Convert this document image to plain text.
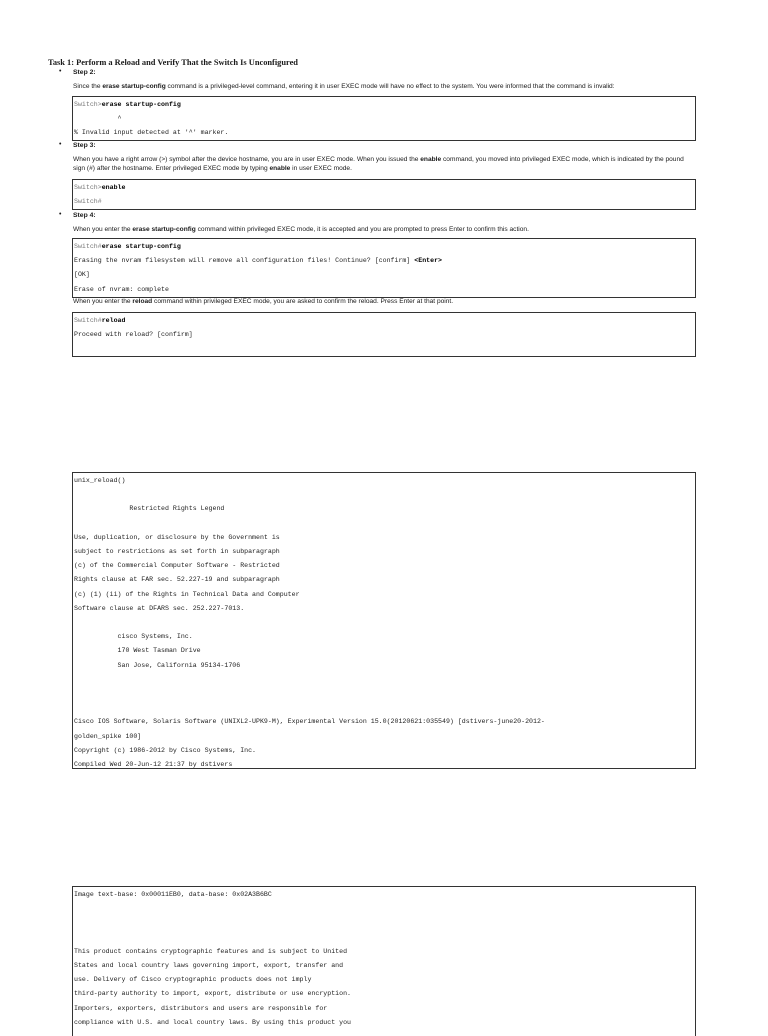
Task 1: Perform a Reload and Verify That the Switch Is Unconfigured
• Step 2:
Since the erase startup-config command is a privileged-level command, entering it in user EXEC mode will have no effect to the system. You were informed that the command is invalid:
Switch>erase startup-config
^
% Invalid input detected at '^' marker.
• Step 3:
When you have a right arrow (>) symbol after the device hostname, you are in user EXEC mode. When you issued the enable command, you moved into privileged EXEC mode, which is indicated by the pound sign (#) after the hostname. Enter privileged EXEC mode by typing enable in user EXEC mode.
Switch>enable
Switch#
• Step 4:
When you enter the erase startup-config command within privileged EXEC mode, it is accepted and you are prompted to press Enter to confirm this action.
Switch#erase startup-config
Erasing the nvram filesystem will remove all configuration files! Continue? [confirm] <Enter>
[OK]
Erase of nvram: complete
When you enter the reload command within privileged EXEC mode, you are asked to confirm the reload. Press Enter at that point.
Switch#reload
Proceed with reload? [confirm]
unix_reload()

Restricted Rights Legend

Use, duplication, or disclosure by the Government is
subject to restrictions as set forth in subparagraph
(c) of the Commercial Computer Software - Restricted
Rights clause at FAR sec. 52.227-19 and subparagraph
(c) (1) (ii) of the Rights in Technical Data and Computer
Software clause at DFARS sec. 252.227-7013.

cisco Systems, Inc.
170 West Tasman Drive
San Jose, California 95134-1706

Cisco IOS Software, Solaris Software (UNIXL2-UPK9-M), Experimental Version 15.0(20120621:035549) [dstivers-june20-2012-
golden_spike 100]
Copyright (c) 1986-2012 by Cisco Systems, Inc.
Compiled Wed 20-Jun-12 21:37 by dstivers
Image text-base: 0x00011EB0, data-base: 0x02A3B6BC

This product contains cryptographic features and is subject to United
States and local country laws governing import, export, transfer and
use. Delivery of Cisco cryptographic products does not imply
third-party authority to import, export, distribute or use encryption.
Importers, exporters, distributors and users are responsible for
compliance with U.S. and local country laws. By using this product you
